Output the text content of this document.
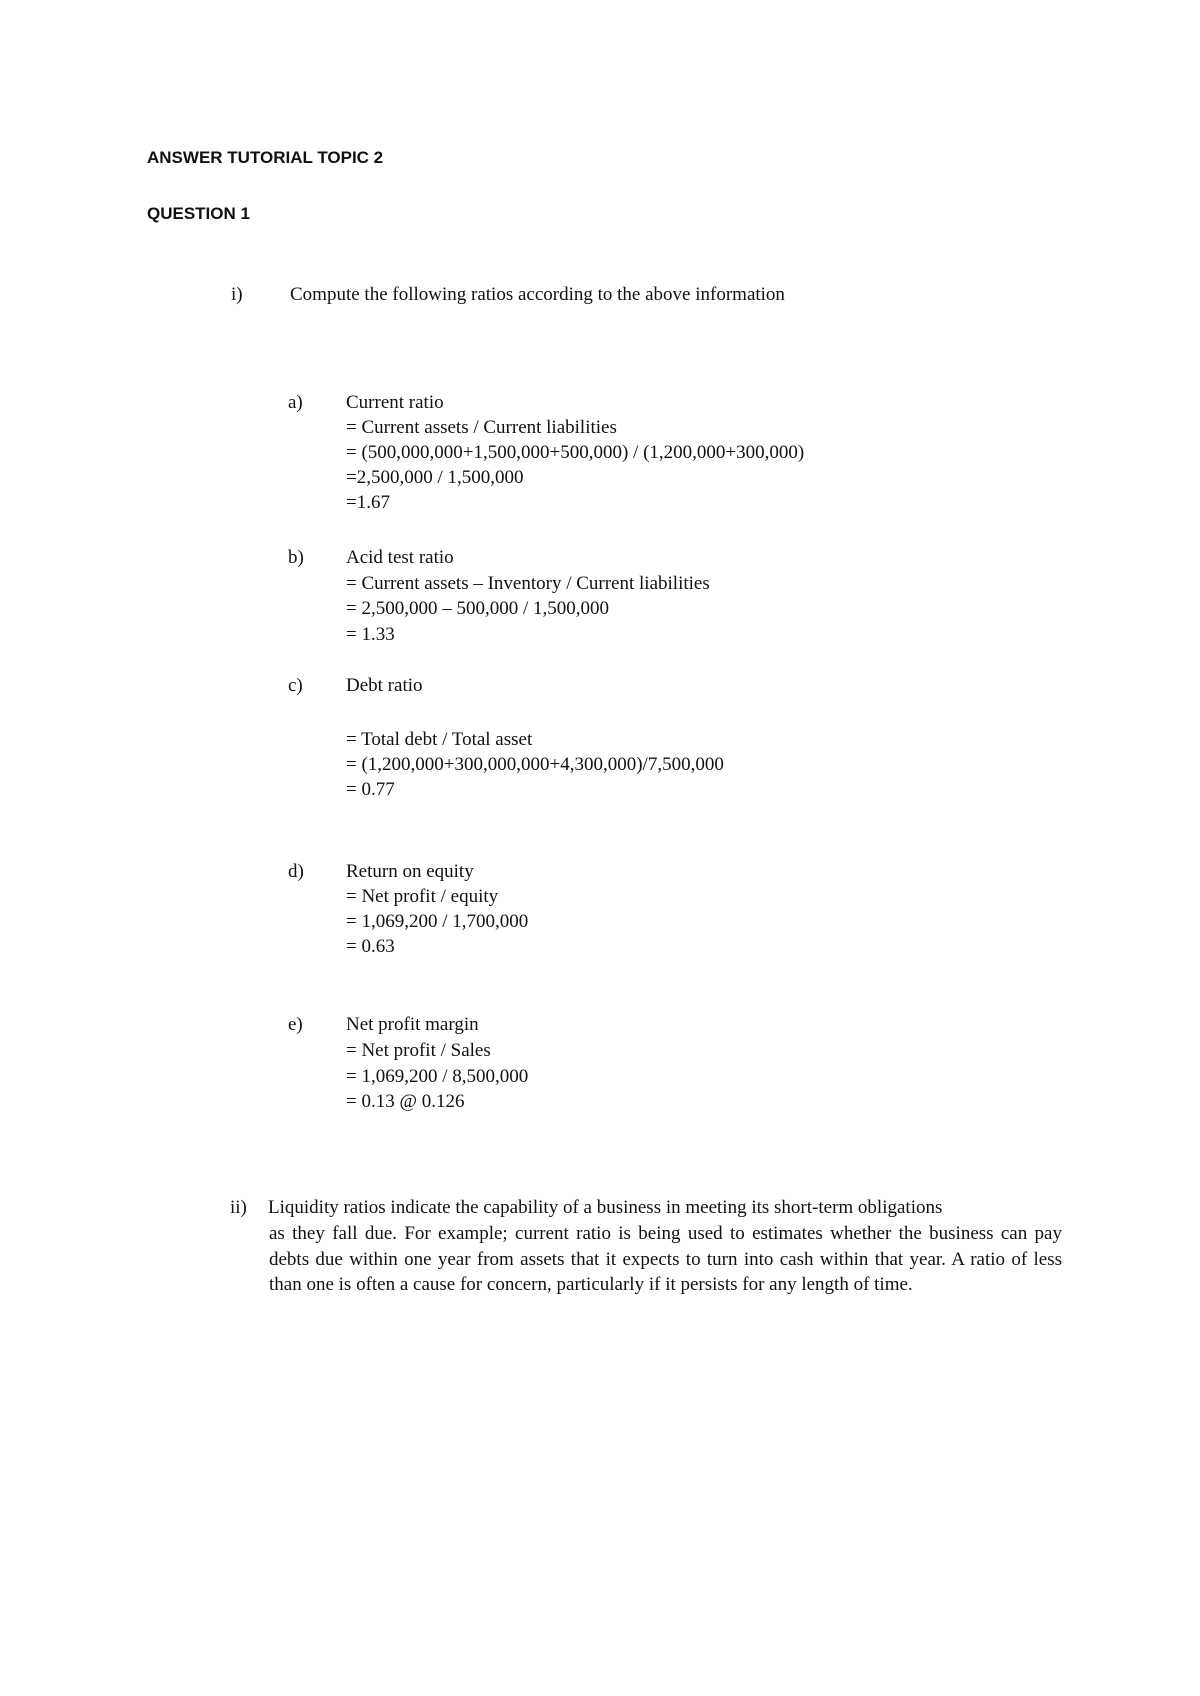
ANSWER TUTORIAL TOPIC 2
QUESTION 1
i) Compute the following ratios according to the above information
a) Current ratio
= Current assets / Current liabilities
= (500,000,000+1,500,000+500,000) / (1,200,000+300,000)
=2,500,000 / 1,500,000
=1.67
b) Acid test ratio
= Current assets – Inventory / Current liabilities
= 2,500,000 – 500,000 / 1,500,000
= 1.33
c) Debt ratio
= Total debt / Total asset
= (1,200,000+300,000,000+4,300,000)/7,500,000
= 0.77
d) Return on equity
= Net profit / equity
= 1,069,200 / 1,700,000
= 0.63
e) Net profit margin
= Net profit / Sales
= 1,069,200 / 8,500,000
= 0.13 @ 0.126
ii) Liquidity ratios indicate the capability of a business in meeting its short-term obligations
as they fall due. For example; current ratio is being used to estimates whether the business can pay debts due within one year from assets that it expects to turn into cash within that year. A ratio of less than one is often a cause for concern, particularly if it persists for any length of time.
